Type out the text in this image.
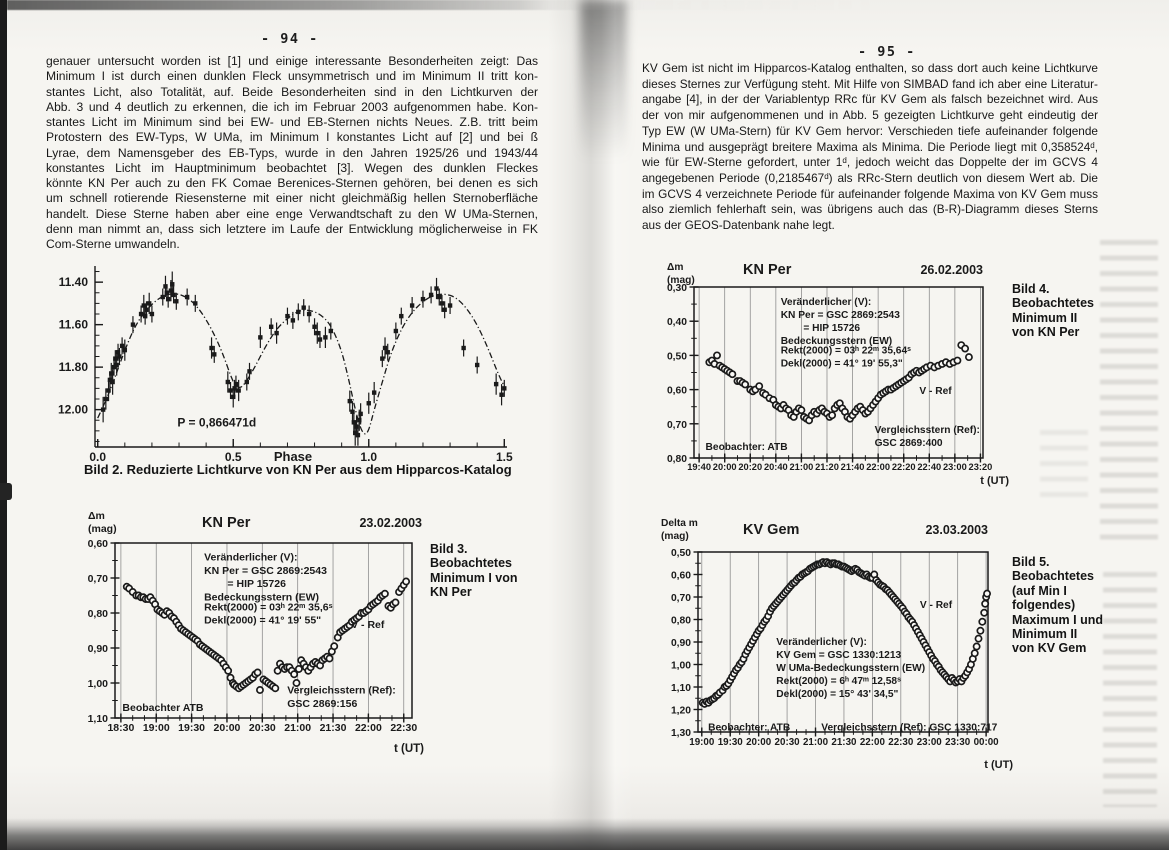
- 94 -
- 95 -
genauer untersucht worden ist [1] und einige interessante Besonderheiten zeigt: Das
Minimum I ist durch einen dunklen Fleck unsymmetrisch und im Minimum II tritt kon-
stantes Licht, also Totalität, auf. Beide Besonderheiten sind in den Lichtkurven der
Abb. 3 und 4 deutlich zu erkennen, die ich im Februar 2003 aufgenommen habe. Kon-
stantes Licht im Minimum sind bei EW- und EB-Sternen nichts Neues. Z.B. tritt beim
Protostern des EW-Typs, W UMa, im Minimum I konstantes Licht auf [2] und bei ß
Lyrae, dem Namensgeber des EB-Typs, wurde in den Jahren 1925/26 und 1943/44
konstantes Licht im Hauptminimum beobachtet [3]. Wegen des dunklen Fleckes
könnte KN Per auch zu den FK Comae Berenices-Sternen gehören, bei denen es sich
um schnell rotierende Riesensterne mit einer nicht gleichmäßig hellen Sternoberfläche
handelt. Diese Sterne haben aber eine enge Verwandtschaft zu den W UMa-Sternen,
denn man nimmt an, dass sich letztere im Laufe der Entwicklung möglicherweise in FK
Com-Sterne umwandeln.
KV Gem ist nicht im Hipparcos-Katalog enthalten, so dass dort auch keine Lichtkurve
dieses Sternes zur Verfügung steht. Mit Hilfe von SIMBAD fand ich aber eine Literatur-
angabe [4], in der der Variablentyp RRc für KV Gem als falsch bezeichnet wird. Aus
der von mir aufgenommenen und in Abb. 5 gezeigten Lichtkurve geht eindeutig der
Typ EW (W UMa-Stern) für KV Gem hervor: Verschieden tiefe aufeinander folgende
Minima und ausgeprägt breitere Maxima als Minima. Die Periode liegt mit 0,358524ᵈ,
wie für EW-Sterne gefordert, unter 1ᵈ, jedoch weicht das Doppelte der im GCVS 4
angegebenen Periode (0,2185467ᵈ) als RRc-Stern deutlich von diesem Wert ab. Die
im GCVS 4 verzeichnete Periode für aufeinander folgende Maxima von KV Gem muss
also ziemlich fehlerhaft sein, was übrigens auch das (B-R)-Diagramm dieses Sterns
aus der GEOS-Datenbank nahe legt.
0.0	0.5	1.0	1.5
11.40
11.60
11.80
12.00
P = 0,866471d
Phase
Bild 2. Reduzierte Lichtkurve von KN Per aus dem Hipparcos-Katalog
18:30 19:00 19:30 20:00 20:30 21:00 21:30 22:00 22:30
0,60
0,70
0,80
0,90
1,00
1,10
Veränderlicher (V):
KN Per = GSC 2869:2543
= HIP 15726
Bedeckungsstern (EW)
Rekt(2000) = 03ʰ 22ᵐ 35,6ˢ
Dekl(2000) = 41° 19' 55"	V - Ref
Beobachter ATB
Vergleichsstern (Ref):
GSC 2869:156
Δm
(mag)	KN Per	23.02.2003
t (UT)
Bild 3.
Beobachtetes
Minimum I von
KN Per
19:40 20:00 20:20 20:40 21:00 21:20 21:40 22:00 22:20 22:40 23:00 23:20
0,30
0,40
0,50
0,60
0,70
0,80
Veränderlicher (V):
KN Per = GSC 2869:2543
= HIP 15726
Bedeckungsstern (EW)
Rekt(2000) = 03ʰ 22ᵐ 35,64ˢ
Dekl(2000) = 41° 19' 55,3"
V - Ref
Beobachter: ATB
Vergleichsstern (Ref):
GSC 2869:400
Δm
(mag)
KN Per	26.02.2003
t (UT)
Bild 4.
Beobachtetes
Minimum II
von KN Per
19:00 19:30 20:00 20:30 21:00 21:30 22:00 22:30 23:00 23:30 00:00
0,50
0,60
0,70
0,80
0,90
1,00
1,10
1,20
1,30
Veränderlicher (V):
KV Gem = GSC 1330:1213
W UMa-Bedeckungsstern (EW)
Rekt(2000) = 6ʰ 47ᵐ 12,58ˢ
Dekl(2000) = 15° 43' 34,5"
V - Ref
Beobachter: ATB	Vergleichsstern (Ref): GSC 1330:717
Delta m
(mag)	KV Gem	23.03.2003
t (UT)
Bild 5.
Beobachtetes
(auf Min I
folgendes)
Maximum I und
Minimum II
von KV Gem
